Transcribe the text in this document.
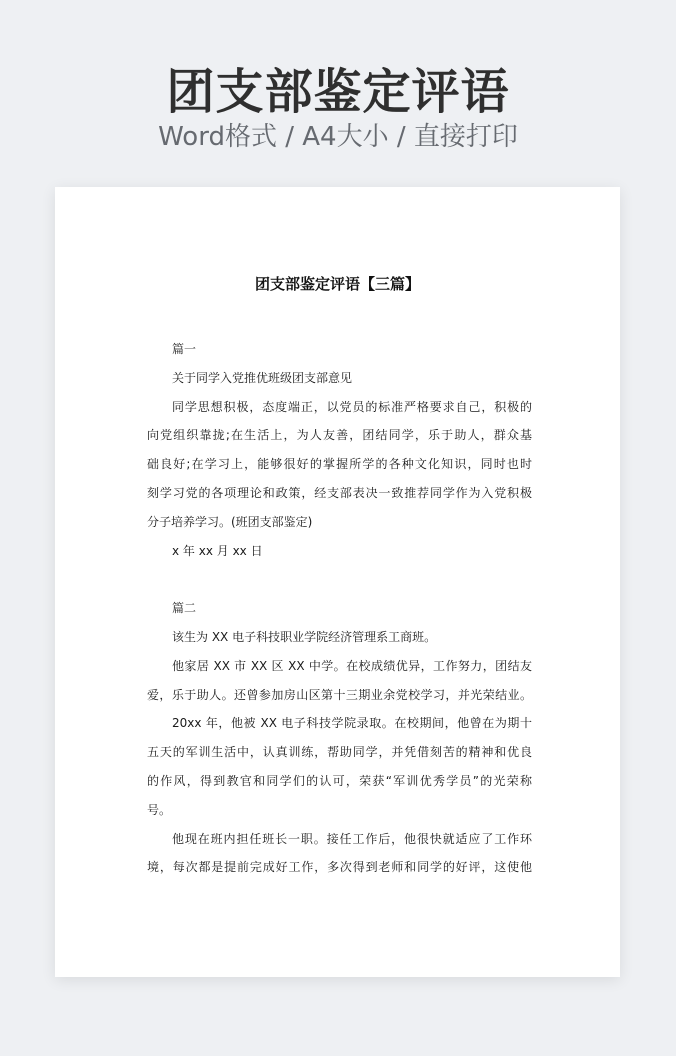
团支部鉴定评语
Word格式 / A4大小 / 直接打印
团支部鉴定评语【三篇】
篇一
关于同学入党推优班级团支部意见
同学思想积极，态度端正，以党员的标准严格要求自己，积极的
向党组织靠拢;在生活上，为人友善，团结同学，乐于助人，群众基
础良好;在学习上，能够很好的掌握所学的各种文化知识，同时也时
刻学习党的各项理论和政策，经支部表决一致推荐同学作为入党积极
分子培养学习。(班团支部鉴定)
x 年 xx 月 xx 日
篇二
该生为 XX 电子科技职业学院经济管理系工商班。
他家居 XX 市 XX 区 XX 中学。在校成绩优异，工作努力，团结友
爱，乐于助人。还曾参加房山区第十三期业余党校学习，并光荣结业。
20xx 年，他被 XX 电子科技学院录取。在校期间，他曾在为期十
五天的军训生活中，认真训练，帮助同学，并凭借刻苦的精神和优良
的作风，得到教官和同学们的认可，荣获“军训优秀学员”的光荣称
号。
他现在班内担任班长一职。接任工作后，他很快就适应了工作环
境，每次都是提前完成好工作，多次得到老师和同学的好评，这使他
